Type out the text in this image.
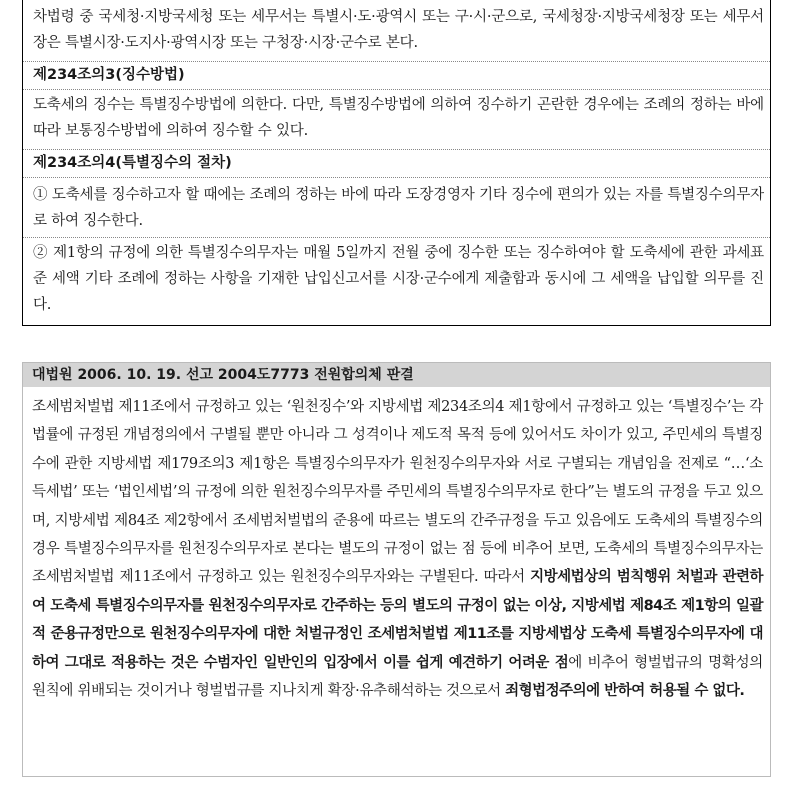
차법령 중 국세청·지방국세청 또는 세무서는 특별시·도·광역시 또는 구·시·군으로, 국세청장·지방국세청장 또는 세무서장은 특별시장·도지사·광역시장 또는 구청장·시장·군수로 본다.
제234조의3(징수방법)
도축세의 징수는 특별징수방법에 의한다. 다만, 특별징수방법에 의하여 징수하기 곤란한 경우에는 조례의 정하는 바에 따라 보통징수방법에 의하여 징수할 수 있다.
제234조의4(특별징수의 절차)
① 도축세를 징수하고자 할 때에는 조례의 정하는 바에 따라 도장경영자 기타 징수에 편의가 있는 자를 특별징수의무자로 하여 징수한다.
② 제1항의 규정에 의한 특별징수의무자는 매월 5일까지 전월 중에 징수한 또는 징수하여야 할 도축세에 관한 과세표준 세액 기타 조례에 정하는 사항을 기재한 납입신고서를 시장·군수에게 제출함과 동시에 그 세액을 납입할 의무를 진다.
대법원 2006. 10. 19. 선고 2004도7773 전원합의체 판결
조세범처벌법 제11조에서 규정하고 있는 ‘원천징수’와 지방세법 제234조의4 제1항에서 규정하고 있는 ‘특별징수’는 각 법률에 규정된 개념정의에서 구별될 뿐만 아니라 그 성격이나 제도적 목적 등에 있어서도 차이가 있고, 주민세의 특별징수에 관한 지방세법 제179조의3 제1항은 특별징수의무자가 원천징수의무자와 서로 구별되는 개념임을 전제로 “…‘소득세법’ 또는 ‘법인세법’의 규정에 의한 원천징수의무자를 주민세의 특별징수의무자로 한다”는 별도의 규정을 두고 있으며, 지방세법 제84조 제2항에서 조세범처벌법의 준용에 따르는 별도의 간주규정을 두고 있음에도 도축세의 특별징수의 경우 특별징수의무자를 원천징수의무자로 본다는 별도의 규정이 없는 점 등에 비추어 보면, 도축세의 특별징수의무자는 조세범처벌법 제11조에서 규정하고 있는 원천징수의무자와는 구별된다. 따라서 지방세법상의 범칙행위 처벌과 관련하여 도축세 특별징수의무자를 원천징수의무자로 간주하는 등의 별도의 규정이 없는 이상, 지방세법 제84조 제1항의 일괄적 준용규정만으로 원천징수의무자에 대한 처벌규정인 조세범처벌법 제11조를 지방세법상 도축세 특별징수의무자에 대하여 그대로 적용하는 것은 수범자인 일반인의 입장에서 이를 쉽게 예견하기 어려운 점에 비추어 형벌법규의 명확성의 원칙에 위배되는 것이거나 형벌법규를 지나치게 확장·유추해석하는 것으로서 죄형법정주의에 반하여 허용될 수 없다.
